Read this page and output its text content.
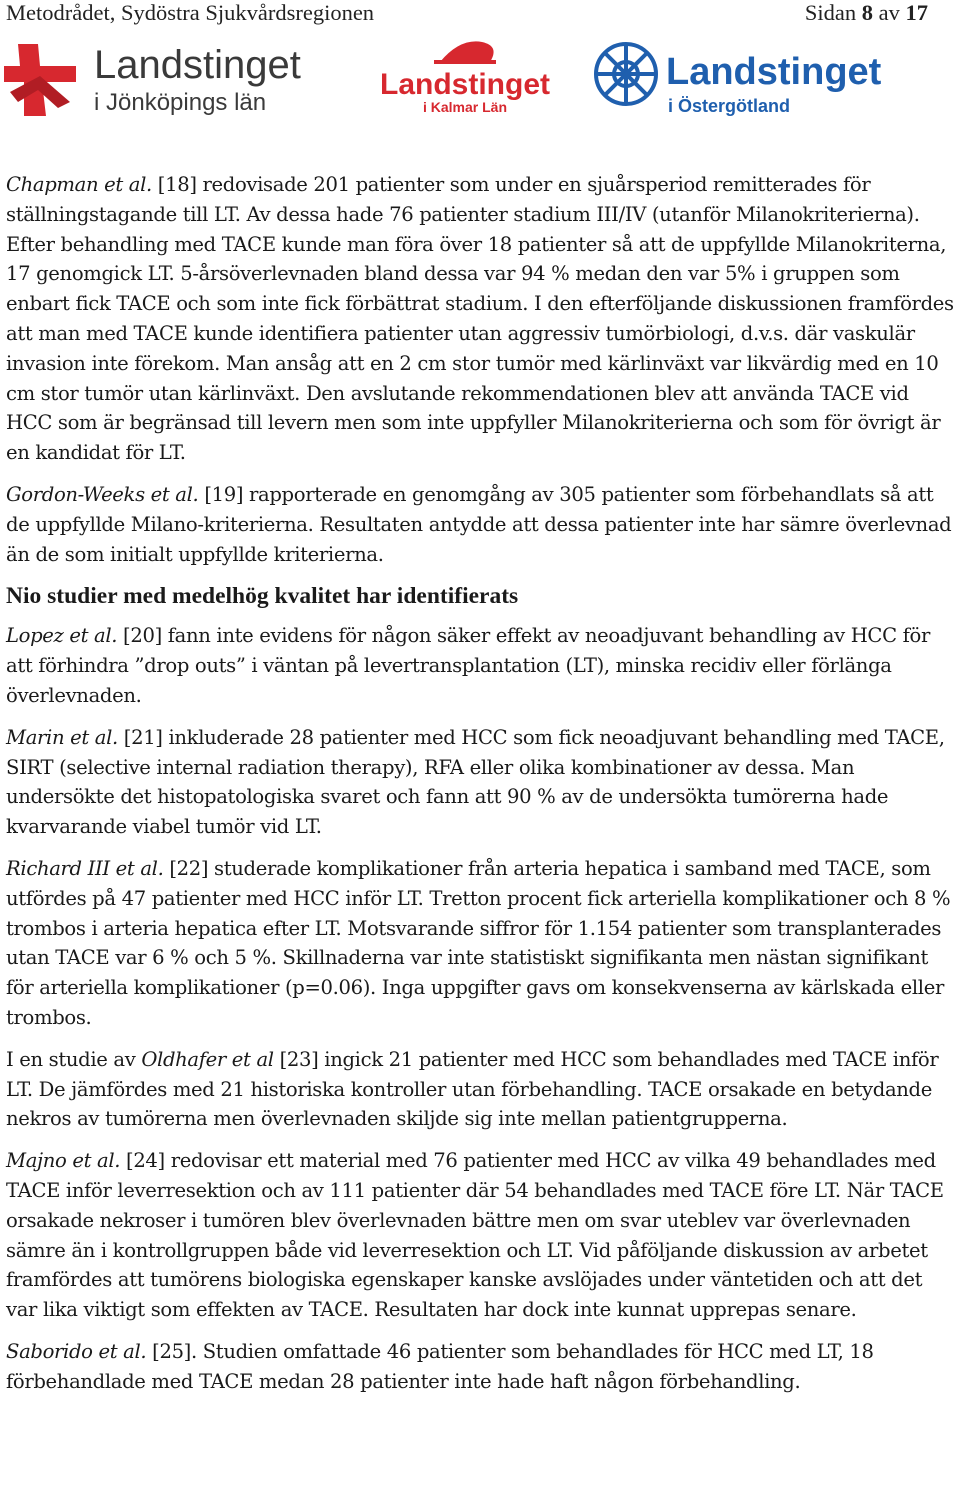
Metodrådet, Sydöstra Sjukvårdsregionen	Sidan 8 av 17
Landstinget
i Jönköpings län
Landstinget
i Kalmar Län
Landstinget
i Östergötland

Chapman et al. [18] redovisade 201 patienter som under en sjuårsperiod remitterades för ställningstagande till LT. Av dessa hade 76 patienter stadium III/IV (utanför Milanokriterierna). Efter behandling med TACE kunde man föra över 18 patienter så att de uppfyllde Milanokriterna, 17 genomgick LT. 5-årsöverlevnaden bland dessa var 94 % medan den var 5% i gruppen som enbart fick TACE och som inte fick förbättrat stadium. I den efterföljande diskussionen framfördes att man med TACE kunde identifiera patienter utan aggressiv tumörbiologi, d.v.s. där vaskulär invasion inte förekom. Man ansåg att en 2 cm stor tumör med kärlinväxt var likvärdig med en 10 cm stor tumör utan kärlinväxt. Den avslutande rekommendationen blev att använda TACE vid HCC som är begränsad till levern men som inte uppfyller Milanokriterierna och som för övrigt är en kandidat för LT.

Gordon-Weeks et al. [19] rapporterade en genomgång av 305 patienter som förbehandlats så att de uppfyllde Milano-kriterierna. Resultaten antydde att dessa patienter inte har sämre överlevnad än de som initialt uppfyllde kriterierna.

Nio studier med medelhög kvalitet har identifierats

Lopez et al. [20] fann inte evidens för någon säker effekt av neoadjuvant behandling av HCC för att förhindra ”drop outs” i väntan på levertransplantation (LT), minska recidiv eller förlänga överlevnaden.

Marin et al. [21] inkluderade 28 patienter med HCC som fick neoadjuvant behandling med TACE, SIRT (selective internal radiation therapy), RFA eller olika kombinationer av dessa. Man undersökte det histopatologiska svaret och fann att 90 % av de undersökta tumörerna hade kvarvarande viabel tumör vid LT.

Richard III et al. [22] studerade komplikationer från arteria hepatica i samband med TACE, som utfördes på 47 patienter med HCC inför LT. Tretton procent fick arteriella komplikationer och 8 % trombos i arteria hepatica efter LT. Motsvarande siffror för 1.154 patienter som transplanterades utan TACE var 6 % och 5 %. Skillnaderna var inte statistiskt signifikanta men nästan signifikant för arteriella komplikationer (p=0.06). Inga uppgifter gavs om konsekvenserna av kärlskada eller trombos.

I en studie av Oldhafer et al [23] ingick 21 patienter med HCC som behandlades med TACE inför LT. De jämfördes med 21 historiska kontroller utan förbehandling. TACE orsakade en betydande nekros av tumörerna men överlevnaden skiljde sig inte mellan patientgrupperna.

Majno et al. [24] redovisar ett material med 76 patienter med HCC av vilka 49 behandlades med TACE inför leverresektion och av 111 patienter där 54 behandlades med TACE före LT. När TACE orsakade nekroser i tumören blev överlevnaden bättre men om svar uteblev var överlevnaden sämre än i kontrollgruppen både vid leverresektion och LT. Vid påföljande diskussion av arbetet framfördes att tumörens biologiska egenskaper kanske avslöjades under väntetiden och att det var lika viktigt som effekten av TACE. Resultaten har dock inte kunnat upprepas senare.

Saborido et al. [25]. Studien omfattade 46 patienter som behandlades för HCC med LT, 18 förbehandlade med TACE medan 28 patienter inte hade haft någon förbehandling.
